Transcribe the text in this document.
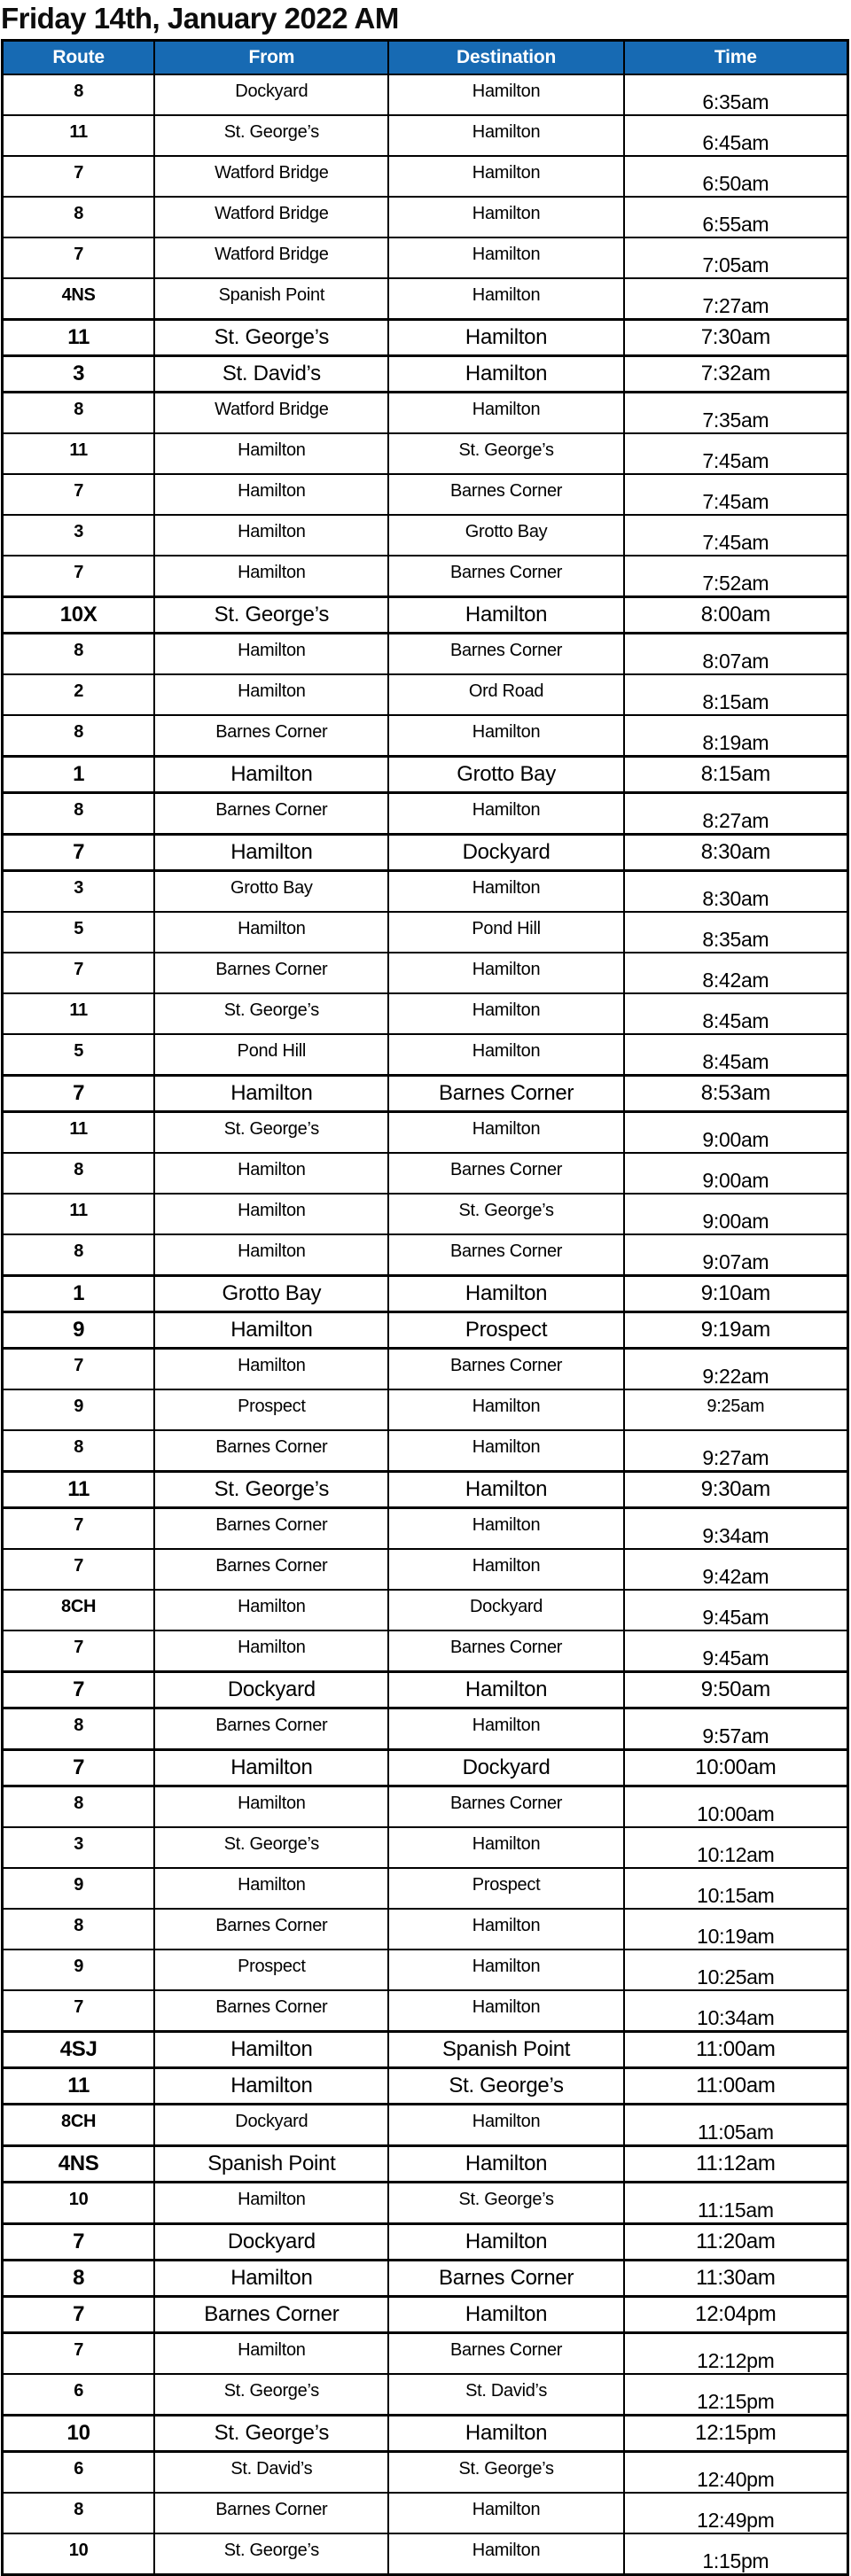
Friday 14th, January 2022 AM
Route	From	Destination	Time
8	Dockyard	Hamilton	6:35am
11	St. George’s	Hamilton	6:45am
7	Watford Bridge	Hamilton	6:50am
8	Watford Bridge	Hamilton	6:55am
7	Watford Bridge	Hamilton	7:05am
4NS	Spanish Point	Hamilton	7:27am
11	St. George’s	Hamilton	7:30am
3	St. David’s	Hamilton	7:32am
8	Watford Bridge	Hamilton	7:35am
11	Hamilton	St. George’s	7:45am
7	Hamilton	Barnes Corner	7:45am
3	Hamilton	Grotto Bay	7:45am
7	Hamilton	Barnes Corner	7:52am
10X	St. George’s	Hamilton	8:00am
8	Hamilton	Barnes Corner	8:07am
2	Hamilton	Ord Road	8:15am
8	Barnes Corner	Hamilton	8:19am
1	Hamilton	Grotto Bay	8:15am
8	Barnes Corner	Hamilton	8:27am
7	Hamilton	Dockyard	8:30am
3	Grotto Bay	Hamilton	8:30am
5	Hamilton	Pond Hill	8:35am
7	Barnes Corner	Hamilton	8:42am
11	St. George’s	Hamilton	8:45am
5	Pond Hill	Hamilton	8:45am
7	Hamilton	Barnes Corner	8:53am
11	St. George’s	Hamilton	9:00am
8	Hamilton	Barnes Corner	9:00am
11	Hamilton	St. George’s	9:00am
8	Hamilton	Barnes Corner	9:07am
1	Grotto Bay	Hamilton	9:10am
9	Hamilton	Prospect	9:19am
7	Hamilton	Barnes Corner	9:22am
9	Prospect	Hamilton	9:25am
8	Barnes Corner	Hamilton	9:27am
11	St. George’s	Hamilton	9:30am
7	Barnes Corner	Hamilton	9:34am
7	Barnes Corner	Hamilton	9:42am
8CH	Hamilton	Dockyard	9:45am
7	Hamilton	Barnes Corner	9:45am
7	Dockyard	Hamilton	9:50am
8	Barnes Corner	Hamilton	9:57am
7	Hamilton	Dockyard	10:00am
8	Hamilton	Barnes Corner	10:00am
3	St. George’s	Hamilton	10:12am
9	Hamilton	Prospect	10:15am
8	Barnes Corner	Hamilton	10:19am
9	Prospect	Hamilton	10:25am
7	Barnes Corner	Hamilton	10:34am
4SJ	Hamilton	Spanish Point	11:00am
11	Hamilton	St. George’s	11:00am
8CH	Dockyard	Hamilton	11:05am
4NS	Spanish Point	Hamilton	11:12am
10	Hamilton	St. George’s	11:15am
7	Dockyard	Hamilton	11:20am
8	Hamilton	Barnes Corner	11:30am
7	Barnes Corner	Hamilton	12:04pm
7	Hamilton	Barnes Corner	12:12pm
6	St. George’s	St. David’s	12:15pm
10	St. George’s	Hamilton	12:15pm
6	St. David’s	St. George’s	12:40pm
8	Barnes Corner	Hamilton	12:49pm
10	St. George’s	Hamilton	1:15pm
